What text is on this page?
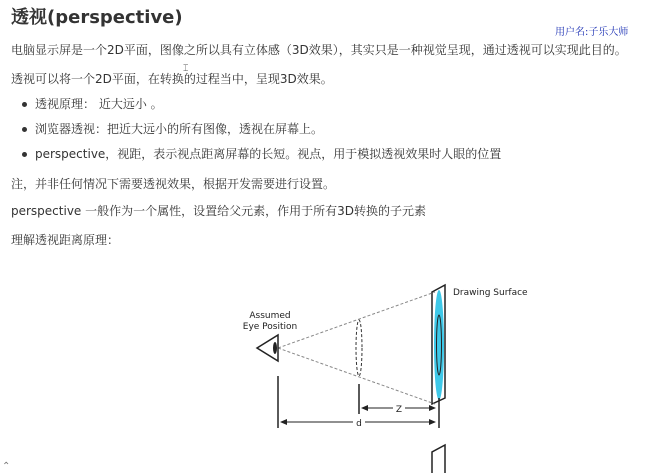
透视(perspective)
用户名:子乐大师
⌶

电脑显示屏是一个2D平面，图像之所以具有立体感（3D效果），其实只是一种视觉呈现，通过透视可以实现此目的。

透视可以将一个2D平面，在转换的过程当中，呈现3D效果。

透视原理： 近大远小 。
浏览器透视：把近大远小的所有图像，透视在屏幕上。
perspective，视距，表示视点距离屏幕的长短。视点，用于模拟透视效果时人眼的位置

注，并非任何情况下需要透视效果，根据开发需要进行设置。

perspective 一般作为一个属性，设置给父元素，作用于所有3D转换的子元素

理解透视距离原理：

Assumed
Eye Position
Drawing Surface
Z
d
⌃
